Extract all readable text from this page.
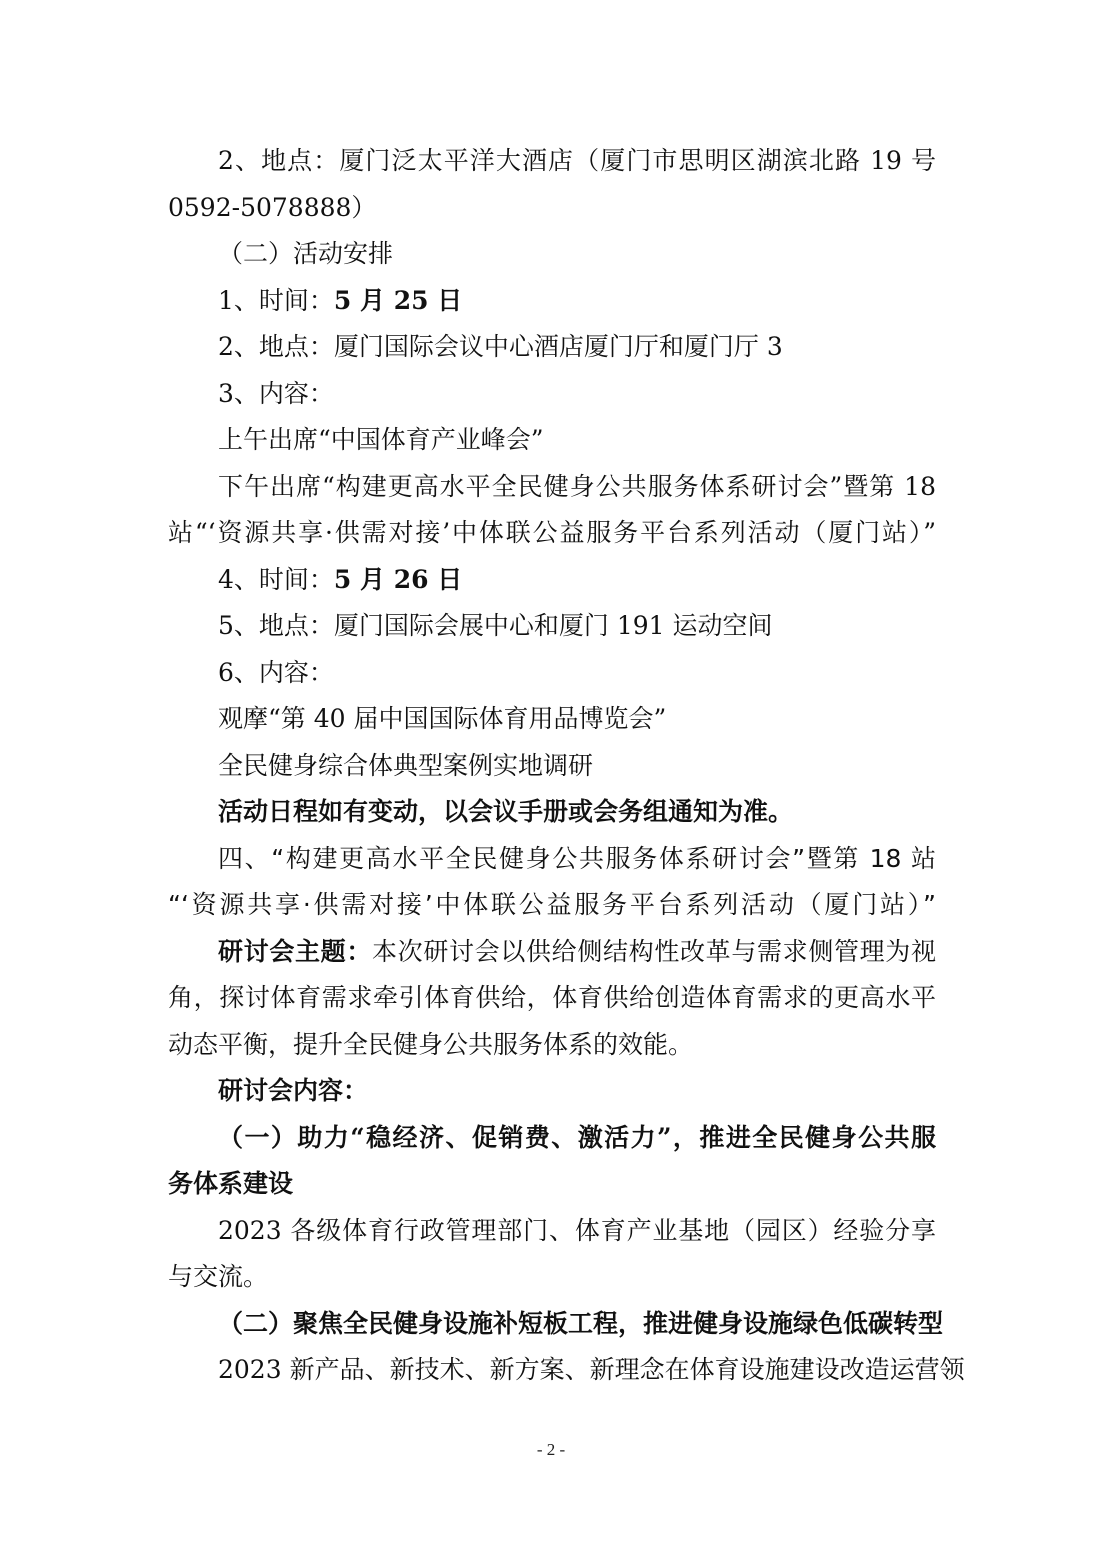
2、地点：厦门泛太平洋大酒店（厦门市思明区湖滨北路 19 号
0592-5078888）
（二）活动安排
1、时间：5 月 25 日
2、地点：厦门国际会议中心酒店厦门厅和厦门厅 3
3、内容：
上午出席“中国体育产业峰会”
下午出席“构建更高水平全民健身公共服务体系研讨会”暨第 18
站“‘资源共享·供需对接’中体联公益服务平台系列活动（厦门站）”
4、时间：5 月 26 日
5、地点：厦门国际会展中心和厦门 191 运动空间
6、内容：
观摩“第 40 届中国国际体育用品博览会”
全民健身综合体典型案例实地调研
活动日程如有变动，以会议手册或会务组通知为准。
四、“构建更高水平全民健身公共服务体系研讨会”暨第 18 站
“‘资源共享·供需对接’中体联公益服务平台系列活动（厦门站）”
研讨会主题：本次研讨会以供给侧结构性改革与需求侧管理为视
角，探讨体育需求牵引体育供给，体育供给创造体育需求的更高水平
动态平衡，提升全民健身公共服务体系的效能。
研讨会内容：
（一）助力“稳经济、促销费、激活力”，推进全民健身公共服
务体系建设
2023 各级体育行政管理部门、体育产业基地（园区）经验分享
与交流。
（二）聚焦全民健身设施补短板工程，推进健身设施绿色低碳转型
2023 新产品、新技术、新方案、新理念在体育设施建设改造运营领
- 2 -
